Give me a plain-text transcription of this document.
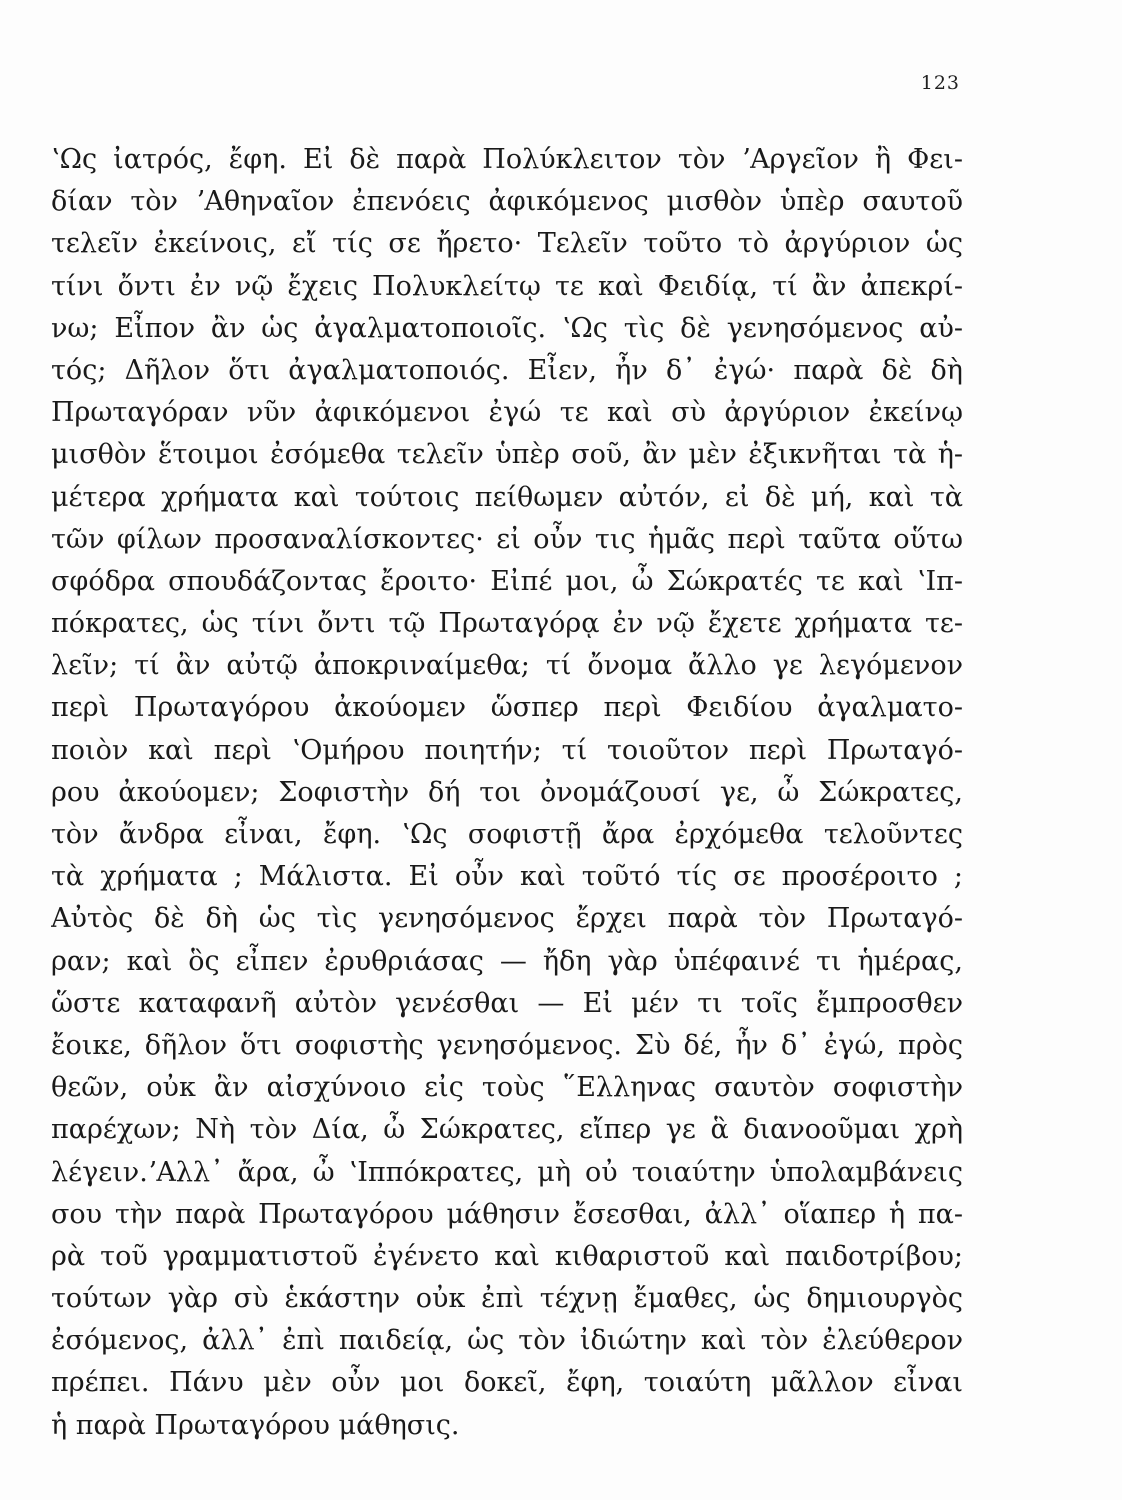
123
ʽΩς ἰατρός, ἔφη. Εἰ δὲ παρὰ Πολύκλειτον τὸν ʼΑργεῖον ἢ Φει-
δίαν τὸν ʼΑθηναῖον ἐπενόεις ἀφικόμενος μισθὸν ὑπὲρ σαυτοῦ
τελεῖν ἐκείνοις, εἴ τίς σε ἤρετο· Τελεῖν τοῦτο τὸ ἀργύριον ὡς
τίνι ὄντι ἐν νῷ ἔχεις Πολυκλείτῳ τε καὶ Φειδίᾳ, τί ἂν ἀπεκρί-
νω; Εἶπον ἂν ὡς ἀγαλματοποιοῖς. ʽΩς τὶς δὲ γενησόμενος αὐ-
τός; Δῆλον ὅτι ἀγαλματοποιός. Εἶεν, ἦν δ᾽ ἐγώ· παρὰ δὲ δὴ
Πρωταγόραν νῦν ἀφικόμενοι ἐγώ τε καὶ σὺ ἀργύριον ἐκείνῳ
μισθὸν ἕτοιμοι ἐσόμεθα τελεῖν ὑπὲρ σοῦ, ἂν μὲν ἐξικνῆται τὰ ἡ-
μέτερα χρήματα καὶ τούτοις πείθωμεν αὐτόν, εἰ δὲ μή, καὶ τὰ
τῶν φίλων προσαναλίσκοντες· εἰ οὖν τις ἡμᾶς περὶ ταῦτα οὕτω
σφόδρα σπουδάζοντας ἔροιτο· Εἰπέ μοι, ὦ Σώκρατές τε καὶ ʽΙπ-
πόκρατες, ὡς τίνι ὄντι τῷ Πρωταγόρᾳ ἐν νῷ ἔχετε χρήματα τε-
λεῖν; τί ἂν αὐτῷ ἀποκριναίμεθα; τί ὄνομα ἄλλο γε λεγόμενον
περὶ Πρωταγόρου ἀκούομεν ὥσπερ περὶ Φειδίου ἀγαλματο-
ποιὸν καὶ περὶ ʽΟμήρου ποιητήν; τί τοιοῦτον περὶ Πρωταγό-
ρου ἀκούομεν; Σοφιστὴν δή τοι ὀνομάζουσί γε, ὦ Σώκρατες,
τὸν ἄνδρα εἶναι, ἔφη. ʽΩς σοφιστῇ ἄρα ἐρχόμεθα τελοῦντες
τὰ χρήματα ; Μάλιστα. Εἰ οὖν καὶ τοῦτό τίς σε προσέροιτο ;
Αὐτὸς δὲ δὴ ὡς τὶς γενησόμενος ἔρχει παρὰ τὸν Πρωταγό-
ραν; καὶ ὃς εἶπεν ἐρυθριάσας — ἤδη γὰρ ὑπέφαινέ τι ἡμέρας,
ὥστε καταφανῆ αὐτὸν γενέσθαι — Εἰ μέν τι τοῖς ἔμπροσθεν
ἔοικε, δῆλον ὅτι σοφιστὴς γενησόμενος. Σὺ δέ, ἦν δ᾽ ἐγώ, πρὸς
θεῶν, οὐκ ἂν αἰσχύνοιο εἰς τοὺς ῞Ελληνας σαυτὸν σοφιστὴν
παρέχων; Νὴ τὸν Δία, ὦ Σώκρατες, εἴπερ γε ἃ διανοοῦμαι χρὴ
λέγειν.ʼΑλλ᾽ ἄρα, ὦ ʽΙππόκρατες, μὴ οὐ τοιαύτην ὑπολαμβάνεις
σου τὴν παρὰ Πρωταγόρου μάθησιν ἔσεσθαι, ἀλλ᾽ οἵαπερ ἡ πα-
ρὰ τοῦ γραμματιστοῦ ἐγένετο καὶ κιθαριστοῦ καὶ παιδοτρίβου;
τούτων γὰρ σὺ ἑκάστην οὐκ ἐπὶ τέχνῃ ἔμαθες, ὡς δημιουργὸς
ἐσόμενος, ἀλλ᾽ ἐπὶ παιδείᾳ, ὡς τὸν ἰδιώτην καὶ τὸν ἐλεύθερον
πρέπει. Πάνυ μὲν οὖν μοι δοκεῖ, ἔφη, τοιαύτη μᾶλλον εἶναι
ἡ παρὰ Πρωταγόρου μάθησις.
